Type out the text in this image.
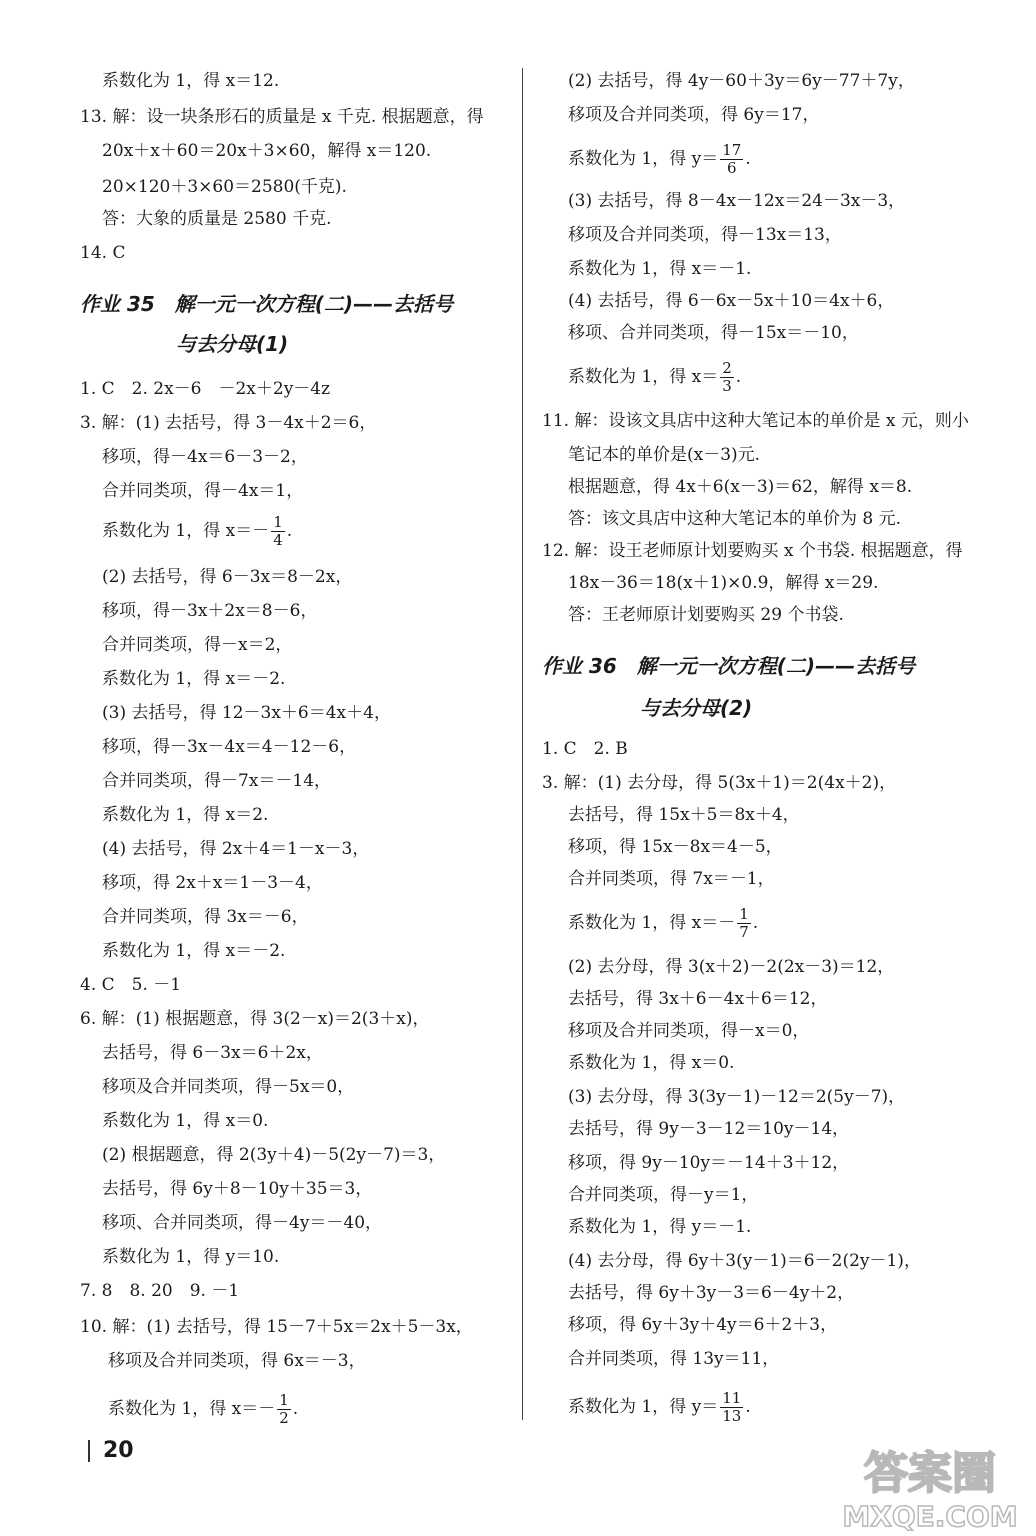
系数化为 1，得 x＝12.
13. 解：设一块条形石的质量是 x 千克. 根据题意，得
20x＋x＋60＝20x＋3×60，解得 x＝120.
20×120＋3×60＝2580(千克).
答：大象的质量是 2580 千克.
14. C
作业 35　解一元一次方程(二)——去括号
与去分母(1)
1. C　2. 2x－6　－2x＋2y－4z
3. 解：(1) 去括号，得 3－4x＋2＝6，
移项，得－4x＝6－3－2，
合并同类项，得－4x＝1，
系数化为 1，得 $x=- \frac{1}{4}$ .
(2) 去括号，得 6－3x＝8－2x，
移项，得－3x＋2x＝8－6，
合并同类项，得－x＝2，
系数化为 1，得 x＝－2.
(3) 去括号，得 12－3x＋6＝4x＋4，
移项，得－3x－4x＝4－12－6，
合并同类项，得－7x＝－14，
系数化为 1，得 x＝2.
(4) 去括号，得 2x＋4＝1－x－3，
移项，得 2x＋x＝1－3－4，
合并同类项，得 3x＝－6，
系数化为 1，得 x＝－2.
4. C　5. －1
6. 解：(1) 根据题意，得 3(2－x)＝2(3＋x)，
去括号，得 6－3x＝6＋2x，
移项及合并同类项，得－5x＝0，
系数化为 1，得 x＝0.
(2) 根据题意，得 2(3y＋4)－5(2y－7)＝3，
去括号，得 6y＋8－10y＋35＝3，
移项、合并同类项，得－4y＝－40，
系数化为 1，得 y＝10.
7. 8　8. 20　9. －1
10. 解：(1) 去括号，得 15－7＋5x＝2x＋5－3x，
移项及合并同类项，得 6x＝－3，
系数化为 1，得 $x=- \frac{1}{2}$ .
(2) 去括号，得 4y－60＋3y＝6y－77＋7y，
移项及合并同类项，得 6y＝17，
系数化为 1，得 $y= \frac{17}{6}$ .
(3) 去括号，得 8－4x－12x＝24－3x－3，
移项及合并同类项，得－13x＝13，
系数化为 1，得 x＝－1.
(4) 去括号，得 6－6x－5x＋10＝4x＋6，
移项、合并同类项，得－15x＝－10，
系数化为 1，得 $x= \frac{2}{3}$ .
11. 解：设该文具店中这种大笔记本的单价是 x 元，则小
笔记本的单价是(x－3)元.
根据题意，得 4x＋6(x－3)＝62，解得 x＝8.
答：该文具店中这种大笔记本的单价为 8 元.
12. 解：设王老师原计划要购买 x 个书袋. 根据题意，得
18x－36＝18(x＋1)×0.9，解得 x＝29.
答：王老师原计划要购买 29 个书袋.
作业 36　解一元一次方程(二)——去括号
与去分母(2)
1. C　2. B
3. 解：(1) 去分母，得 5(3x＋1)＝2(4x＋2)，
去括号，得 15x＋5＝8x＋4，
移项，得 15x－8x＝4－5，
合并同类项，得 7x＝－1，
系数化为 1，得 $x=- \frac{1}{7}$ .
(2) 去分母，得 3(x＋2)－2(2x－3)＝12，
去括号，得 3x＋6－4x＋6＝12，
移项及合并同类项，得－x＝0，
系数化为 1，得 x＝0.
(3) 去分母，得 3(3y－1)－12＝2(5y－7)，
去括号，得 9y－3－12＝10y－14，
移项，得 9y－10y＝－14＋3＋12，
合并同类项，得－y＝1，
系数化为 1，得 y＝－1.
(4) 去分母，得 6y＋3(y－1)＝6－2(2y－1)，
去括号，得 6y＋3y－3＝6－4y＋2，
移项，得 6y＋3y＋4y＝6＋2＋3，
合并同类项，得 13y＝11，
系数化为 1，得 $y= \frac{11}{13}$ .
20	答案圈
MXQE.COM
